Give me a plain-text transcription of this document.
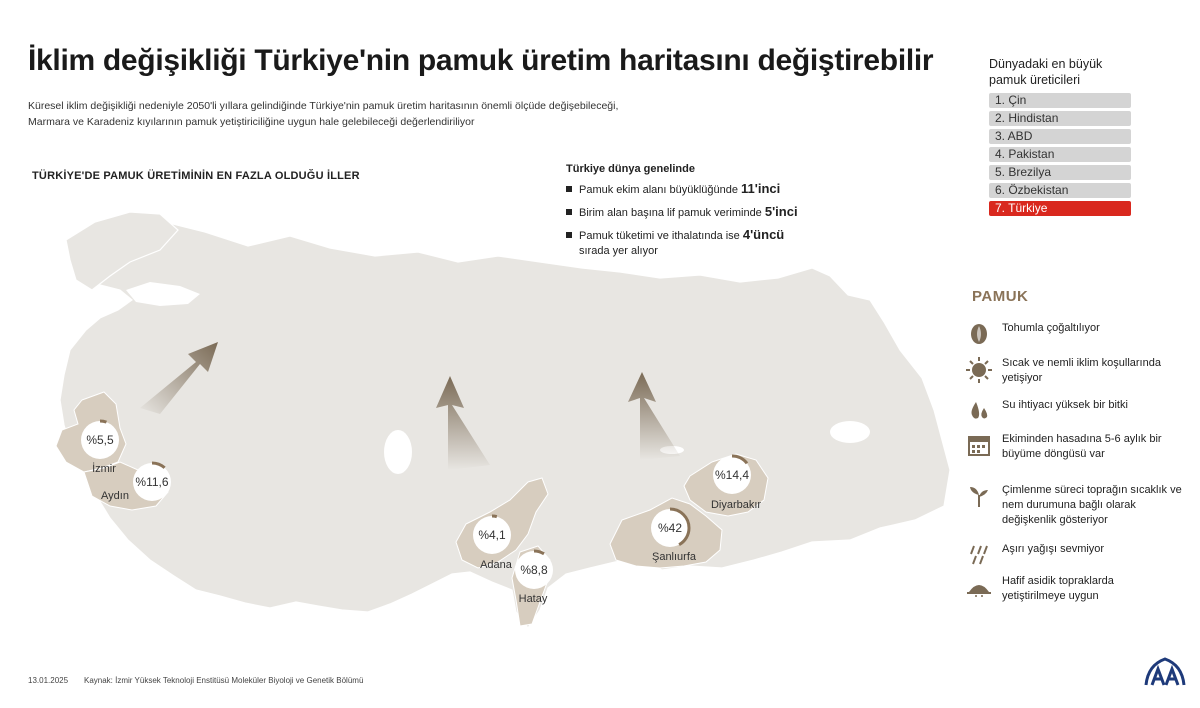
%5,5
İzmir
%11,6
Aydın
%4,1
Adana %8,8
Hatay
%42
Şanlıurfa
%14,4
Diyarbakır
İklim değişikliği Türkiye'nin pamuk üretim haritasını değiştirebilir
Küresel iklim değişikliği nedeniyle 2050'li yıllara gelindiğinde Türkiye'nin pamuk üretim haritasının önemli ölçüde değişebileceği,
Marmara ve Karadeniz kıyılarının pamuk yetiştiriciliğine uygun hale gelebileceği değerlendiriliyor
TÜRKİYE'DE PAMUK ÜRETİMİNİN EN FAZLA OLDUĞU İLLER
Türkiye dünya genelinde
Pamuk ekim alanı büyüklüğünde 11'inci
Birim alan başına lif pamuk veriminde 5'inci
Pamuk tüketimi ve ithalatında ise 4'üncü
sırada yer alıyor
Dünyadaki en büyük pamuk üreticileri
1. Çin
2. Hindistan
3. ABD
4. Pakistan
5. Brezilya
6. Özbekistan
7. Türkiye
PAMUK
Tohumla çoğaltılıyor
Sıcak ve nemli iklim koşullarında yetişiyor
Su ihtiyacı yüksek bir bitki
Ekiminden hasadına 5-6 aylık bir büyüme döngüsü var
Çimlenme süreci toprağın sıcaklık ve nem durumuna bağlı olarak değişkenlik gösteriyor
Aşırı yağışı sevmiyor
Hafif asidik topraklarda yetiştirilmeye uygun
13.01.2025 Kaynak: İzmir Yüksek Teknoloji Enstitüsü Moleküler Biyoloji ve Genetik Bölümü
